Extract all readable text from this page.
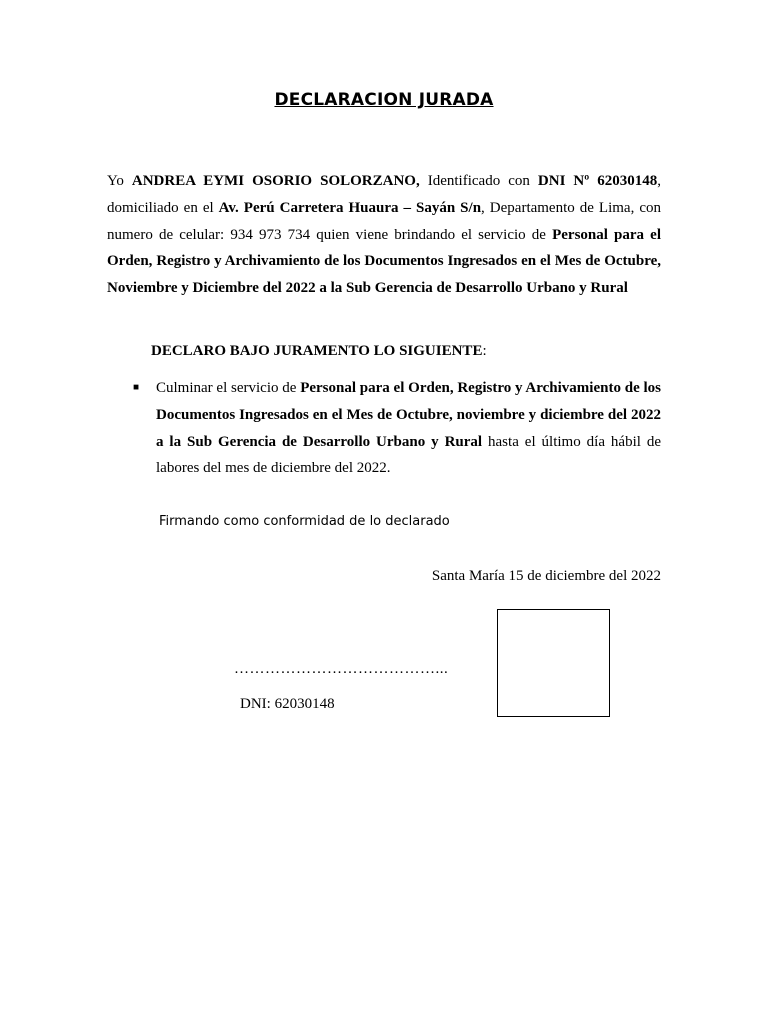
DECLARACION JURADA

Yo ANDREA EYMI OSORIO SOLORZANO, Identificado con DNI Nº 62030148, domiciliado en el Av. Perú Carretera Huaura – Sayán S/n, Departamento de Lima, con numero de celular: 934 973 734 quien viene brindando el servicio de Personal para el Orden, Registro y Archivamiento de los Documentos Ingresados en el Mes de Octubre, Noviembre y Diciembre del 2022 a la Sub Gerencia de Desarrollo Urbano y Rural

DECLARO BAJO JURAMENTO LO SIGUIENTE:
■ Culminar el servicio de Personal para el Orden, Registro y Archivamiento de los Documentos Ingresados en el Mes de Octubre, noviembre y diciembre del 2022 a la Sub Gerencia de Desarrollo Urbano y Rural hasta el último día hábil de labores del mes de diciembre del 2022.

Firmando como conformidad de lo declarado
Santa María 15 de diciembre del 2022
…………………………………...
DNI: 62030148
